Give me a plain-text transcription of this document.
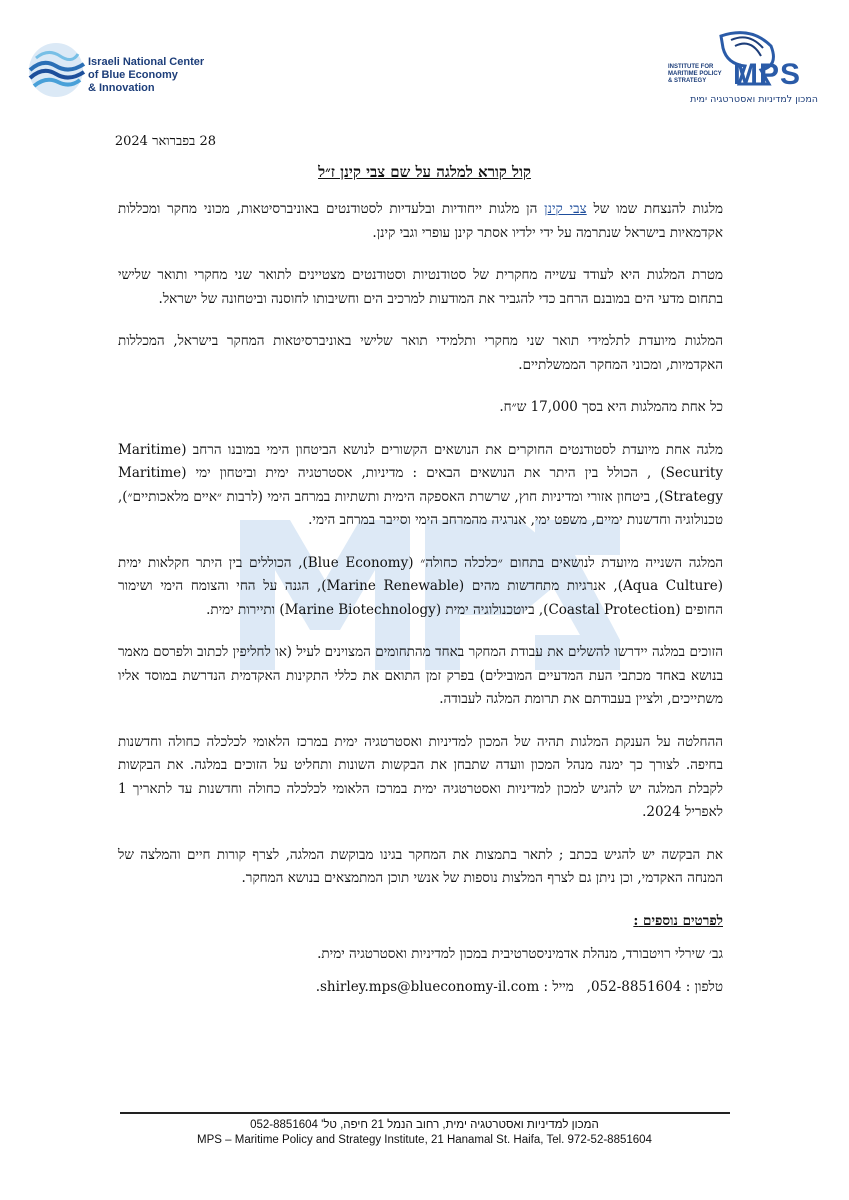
Israeli National Center
of Blue Economy
& Innovation
INSTITUTE FOR
MARITIME POLICY
& STRATEGY MPS
המכון למדיניות ואסטרטגיה ימית
28 בפברואר 2024
קול קורא למלגה על שם צבי קינן ז״ל

מלגות להנצחת שמו של צבי קינן הן מלגות ייחודיות ובלעדיות לסטודנטים באוניברסיטאות, מכוני מחקר ומכללות אקדמאיות בישראל שנתרמה על ידי ילדיו אסתר קינן עופרי וגבי קינן.

מטרת המלגות היא לעודד עשייה מחקרית של סטודנטיות וסטודנטים מצטיינים לתואר שני מחקרי ותואר שלישי בתחום מדעי הים במובנם הרחב כדי להגביר את המודעות למרכיב הים וחשיבותו לחוסנה וביטחונה של ישראל.

המלגות מיועדת לתלמידי תואר שני מחקרי ותלמידי תואר שלישי באוניברסיטאות המחקר בישראל, המכללות האקדמיות, ומכוני המחקר הממשלתיים.

כל אחת מהמלגות היא בסך 17,000 ש״ח.

מלגה אחת מיועדת לסטודנטים החוקרים את הנושאים הקשורים לנושא הביטחון הימי במובנו הרחב (Maritime Security) , הכולל בין היתר את הנושאים הבאים : מדיניות, אסטרטגיה ימית וביטחון ימי (Maritime Strategy), ביטחון אזורי ומדיניות חוץ, שרשרת האספקה הימית ותשתיות במרחב הימי (לרבות ״איים מלאכותיים״), טכנולוגיה וחדשנות ימיים, משפט ימי, אנרגיה מהמרחב הימי וסייבר במרחב הימי.

המלגה השנייה מיועדת לנושאים בתחום ״כלכלה כחולה״ (Blue Economy), הכוללים בין היתר חקלאות ימית (Aqua Culture), אנרגיות מתחדשות מהים (Marine Renewable), הגנה על החי והצומח הימי ושימור החופים (Coastal Protection), ביוטכנולוגיה ימית (Marine Biotechnology) ותיירות ימית.

הזוכים במלגה יידרשו להשלים את עבודת המחקר באחד מהתחומים המצוינים לעיל (או לחליפין לכתוב ולפרסם מאמר בנושא באחד מכתבי העת המדעיים המובילים) בפרק זמן התואם את כללי התקינות האקדמית הנדרשת במוסד אליו משתייכים, ולציין בעבודתם את תרומת המלגה לעבודה.

ההחלטה על הענקת המלגות תהיה של המכון למדיניות ואסטרטגיה ימית במרכז הלאומי לכלכלה כחולה וחדשנות בחיפה. לצורך כך ימנה מנהל המכון וועדה שתבחן את הבקשות השונות ותחליט על הזוכים במלגה. את הבקשות לקבלת המלגה יש להגיש למכון למדיניות ואסטרטגיה ימית במרכז הלאומי לכלכלה כחולה וחדשנות עד לתאריך 1 לאפריל 2024.

את הבקשה יש להגיש בכתב ; לתאר בתמצות את המחקר בגינו מבוקשת המלגה, לצרף קורות חיים והמלצה של המנחה האקדמי, וכן ניתן גם לצרף המלצות נוספות של אנשי תוכן המתמצאים בנושא המחקר.

לפרטים נוספים :

גב׳ שירלי רויטבורד, מנהלת אדמיניסטרטיבית במכון למדיניות ואסטרטגיה ימית.

טלפון : 052-8851604,   מייל : shirley.mps@blueconomy-il.com.

המכון למדיניות ואסטרטגיה ימית, רחוב הנמל 21 חיפה, טל' 052-8851604
MPS – Maritime Policy and Strategy Institute, 21 Hanamal St. Haifa, Tel. 972-52-8851604
